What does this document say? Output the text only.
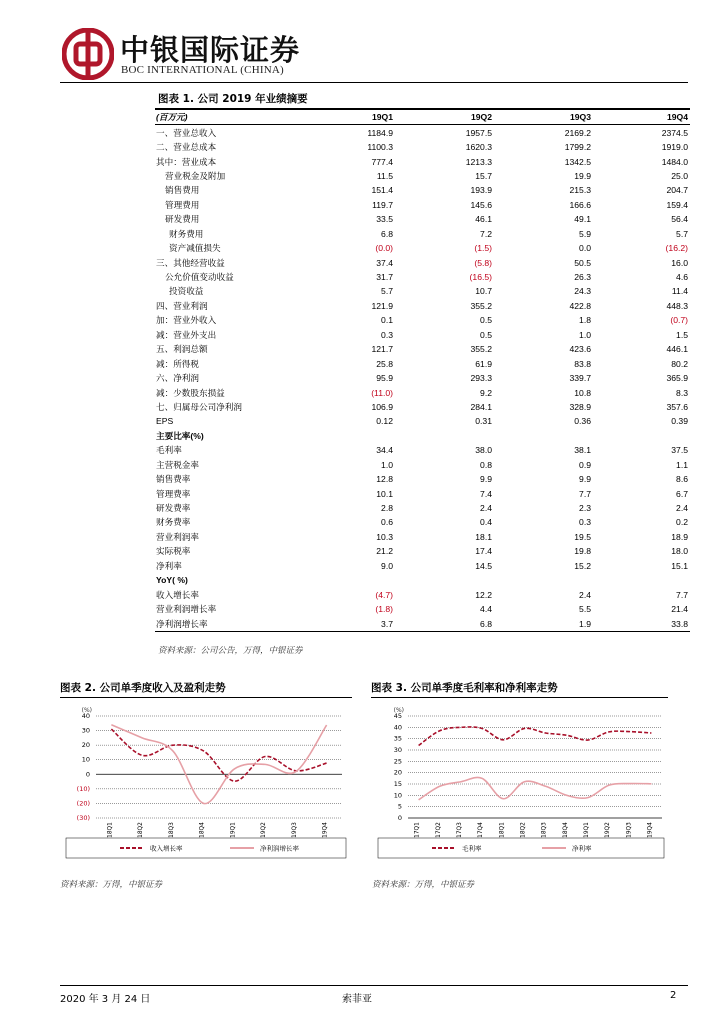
中银国际证券
BOC INTERNATIONAL (CHINA)
图表 1. 公司 2019 年业绩摘要
(百万元)	19Q1	19Q2	19Q3	19Q4
一、营业总收入	1184.9	1957.5	2169.2	2374.5
二、营业总成本	1100.3	1620.3	1799.2	1919.0
其中：营业成本	777.4	1213.3	1342.5	1484.0
营业税金及附加	11.5	15.7	19.9	25.0
销售费用	151.4	193.9	215.3	204.7
管理费用	119.7	145.6	166.6	159.4
研发费用	33.5	46.1	49.1	56.4
财务费用	6.8	7.2	5.9	5.7
资产减值损失	(0.0)	(1.5)	0.0	(16.2)
三、其他经营收益	37.4	(5.8)	50.5	16.0
公允价值变动收益	31.7	(16.5)	26.3	4.6
投资收益	5.7	10.7	24.3	11.4
四、营业利润	121.9	355.2	422.8	448.3
加：营业外收入	0.1	0.5	1.8	(0.7)
减：营业外支出	0.3	0.5	1.0	1.5
五、利润总额	121.7	355.2	423.6	446.1
减：所得税	25.8	61.9	83.8	80.2
六、净利润	95.9	293.3	339.7	365.9
减：少数股东损益	(11.0)	9.2	10.8	8.3
七、归属母公司净利润	106.9	284.1	328.9	357.6
EPS	0.12	0.31	0.36	0.39
主要比率(%)				
毛利率	34.4	38.0	38.1	37.5
主营税金率	1.0	0.8	0.9	1.1
销售费率	12.8	9.9	9.9	8.6
管理费率	10.1	7.4	7.7	6.7
研发费率	2.8	2.4	2.3	2.4
财务费率	0.6	0.4	0.3	0.2
营业利润率	10.3	18.1	19.5	18.9
实际税率	21.2	17.4	19.8	18.0
净利率	9.0	14.5	15.2	15.1
YoY( %)				
收入增长率	(4.7)	12.2	2.4	7.7
营业利润增长率	(1.8)	4.4	5.5	21.4
净利润增长率	3.7	6.8	1.9	33.8
资料来源：公司公告，万得，中银证券
图表 2. 公司单季度收入及盈利走势
(%)
40
30
20
10
0
(10)
(20)
(30)
18Q1	18Q2	18Q3	18Q4	19Q1	19Q2	19Q3	19Q4
收入增长率	净利润增长率
资料来源：万得，中银证券
图表 3. 公司单季度毛利率和净利率走势
(%)
45
40
35
30
25
20
15
10
5
0
17Q1	17Q2	17Q3	17Q4	18Q1	18Q2	18Q3	18Q4	19Q1	19Q2	19Q3	19Q4
毛利率	净利率
资料来源：万得，中银证券
2020 年 3 月 24 日	索菲亚	2
